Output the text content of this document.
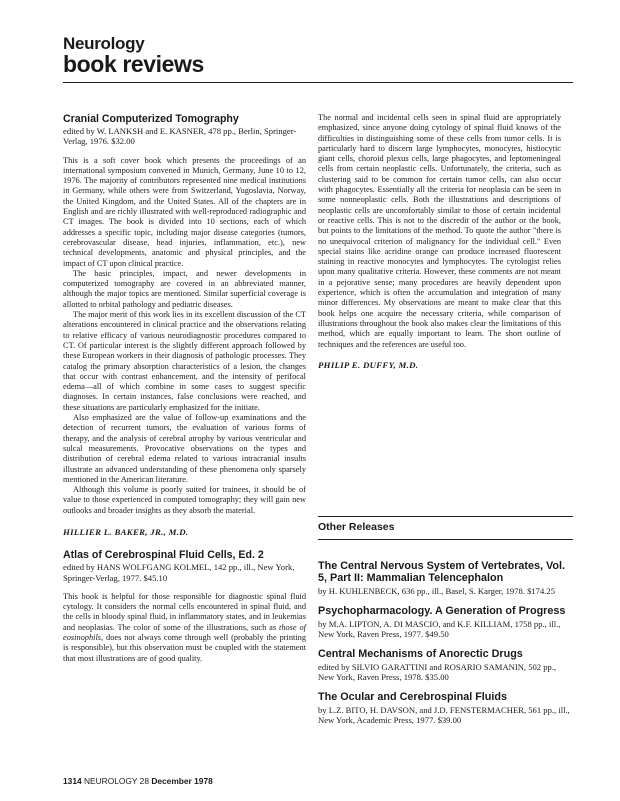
Neurology
book reviews
Cranial Computerized Tomography
edited by W. LANKSH and E. KASNER, 478 pp., Berlin, Springer-Verlag, 1976. $32.00

This is a soft cover book which presents the proceedings of an international symposium convened in Munich, Germany, June 10 to 12, 1976. The majority of contributors represented nine medical institutions in Germany, while others were from Switzerland, Yugoslavia, Norway, the United Kingdom, and the United States. All of the chapters are in English and are richly illustrated with well-reproduced radiographic and CT images. The book is divided into 10 sections, each of which addresses a specific topic, including major disease categories (tumors, cerebrovascular disease, head injuries, inflammation, etc.), new technical developments, anatomic and physical principles, and the impact of CT upon clinical practice.

The basic principles, impact, and newer developments in computerized tomography are covered in an abbreviated manner, although the major topics are mentioned. Similar superficial coverage is allotted to orbital pathology and pediatric diseases.

The major merit of this work lies in its excellent discussion of the CT alterations encountered in clinical practice and the observations relating to relative efficacy of various neurodiagnostic procedures compared to CT. Of particular interest is the slightly different approach followed by these European workers in their diagnosis of pathologic processes. They catalog the primary absorption characteristics of a lesion, the changes that occur with contrast enhancement, and the intensity of perifocal edema—all of which combine in some cases to suggest specific diagnoses. In certain instances, false conclusions were reached, and these situations are particularly emphasized for the initiate.

Also emphasized are the value of follow-up examinations and the detection of recurrent tumors, the evaluation of various forms of therapy, and the analysis of cerebral atrophy by various ventricular and sulcal measurements. Provocative observations on the types and distribution of cerebral edema related to various intracranial insults illustrate an advanced understanding of these phenomena only sparsely mentioned in the American literature.

Although this volume is poorly suited for trainees, it should be of value to those experienced in computed tomography; they will gain new outlooks and broader insights as they absorb the material.

HILLIER L. BAKER, JR., M.D.
Atlas of Cerebrospinal Fluid Cells, Ed. 2
edited by HANS WOLFGANG KOLMEL, 142 pp., ill., New York, Springer-Verlag, 1977. $45.10

This book is helpful for those responsible for diagnostic spinal fluid cytology. It considers the normal cells encountered in spinal fluid, and the cells in bloody spinal fluid, in inflammatory states, and in leukemias and neoplasias. The color of some of the illustrations, such as those of eosinophils, does not always come through well (probably the printing is responsible), but this observation must be coupled with the statement that most illustrations are of good quality.

The normal and incidental cells seen in spinal fluid are appropriately emphasized, since anyone doing cytology of spinal fluid knows of the difficulties in distinguishing some of these cells from tumor cells. It is particularly hard to discern large lymphocytes, monocytes, histiocytic giant cells, choroid plexus cells, large phagocytes, and leptomeningeal cells from certain neoplastic cells. Unfortunately, the criteria, such as clustering said to be common for certain tumor cells, can also occur with phagocytes. Essentially all the criteria for neoplasia can be seen in some nonneoplastic cells. Both the illustrations and descriptions of neoplastic cells are uncomfortably similar to those of certain incidental or reactive cells. This is not to the discredit of the author or the book, but points to the limitations of the method. To quote the author "there is no unequivocal criterion of malignancy for the individual cell." Even special stains like acridine orange can produce increased fluorescent staining in reactive monocytes and lymphocytes. The cytologist relies upon many qualitative criteria. However, these comments are not meant in a pejorative sense; many procedures are heavily dependent upon experience, which is often the accumulation and integration of many minor differences. My observations are meant to make clear that this book helps one acquire the necessary criteria, while comparison of illustrations throughout the book also makes clear the limitations of this method, which are equally important to learn. The short outline of techniques and the references are useful too.

PHILIP E. DUFFY, M.D.
Other Releases
The Central Nervous System of Vertebrates, Vol. 5, Part II: Mammalian Telencephalon
by H. KUHLENBECK, 636 pp., ill., Basel, S. Karger, 1978. $174.25
Psychopharmacology. A Generation of Progress
by M.A. LIPTON, A. DI MASCIO, and K.F. KILLIAM, 1758 pp., ill., New York, Raven Press, 1977. $49.50
Central Mechanisms of Anorectic Drugs
edited by SILVIO GARATTINI and ROSARIO SAMANIN, 502 pp., New York, Raven Press, 1978. $35.00
The Ocular and Cerebrospinal Fluids
by L.Z. BITO, H. DAVSON, and J.D. FENSTERMACHER, 561 pp., ill., New York, Academic Press, 1977. $39.00
1314 NEUROLOGY 28 December 1978
